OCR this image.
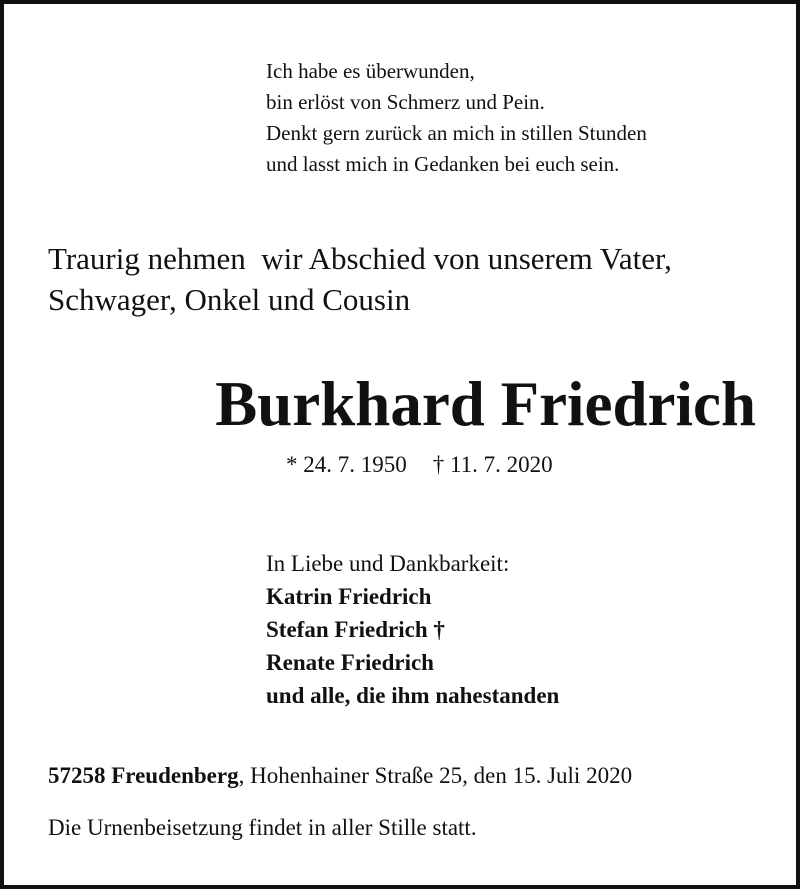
Ich habe es überwunden,
bin erlöst von Schmerz und Pein.
Denkt gern zurück an mich in stillen Stunden
und lasst mich in Gedanken bei euch sein.
Traurig nehmen  wir Abschied von unserem Vater,
Schwager, Onkel und Cousin
Burkhard Friedrich
* 24. 7. 1950 † 11. 7. 2020
In Liebe und Dankbarkeit:
Katrin Friedrich
Stefan Friedrich †
Renate Friedrich
und alle, die ihm nahestanden
57258 Freudenberg, Hohenhainer Straße 25, den 15. Juli 2020
Die Urnenbeisetzung findet in aller Stille statt.
